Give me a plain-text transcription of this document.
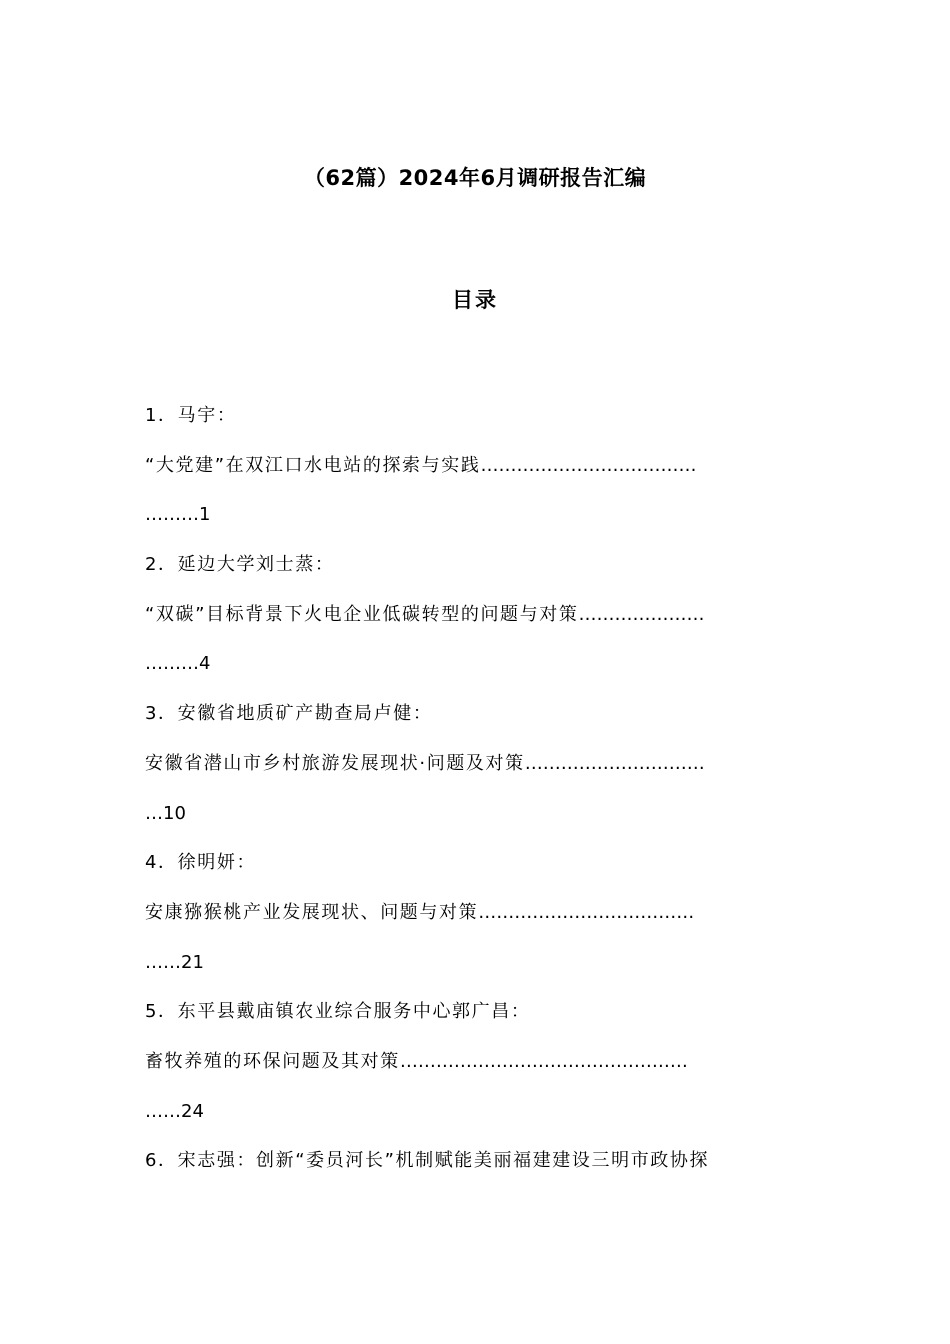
（62篇）2024年6月调研报告汇编
目录
1．马宇：
“大党建”在双江口水电站的探索与实践………………………………
………1
2．延边大学刘士蒸：
“双碳”目标背景下火电企业低碳转型的问题与对策…………………
………4
3．安徽省地质矿产勘查局卢健：
安徽省潜山市乡村旅游发展现状·问题及对策…………………………
…10
4．徐明妍：
安康猕猴桃产业发展现状、问题与对策………………………………
……21
5．东平县戴庙镇农业综合服务中心郭广昌：
畜牧养殖的环保问题及其对策…………………………………………
……24
6．宋志强：创新“委员河长”机制赋能美丽福建建设三明市政协探
